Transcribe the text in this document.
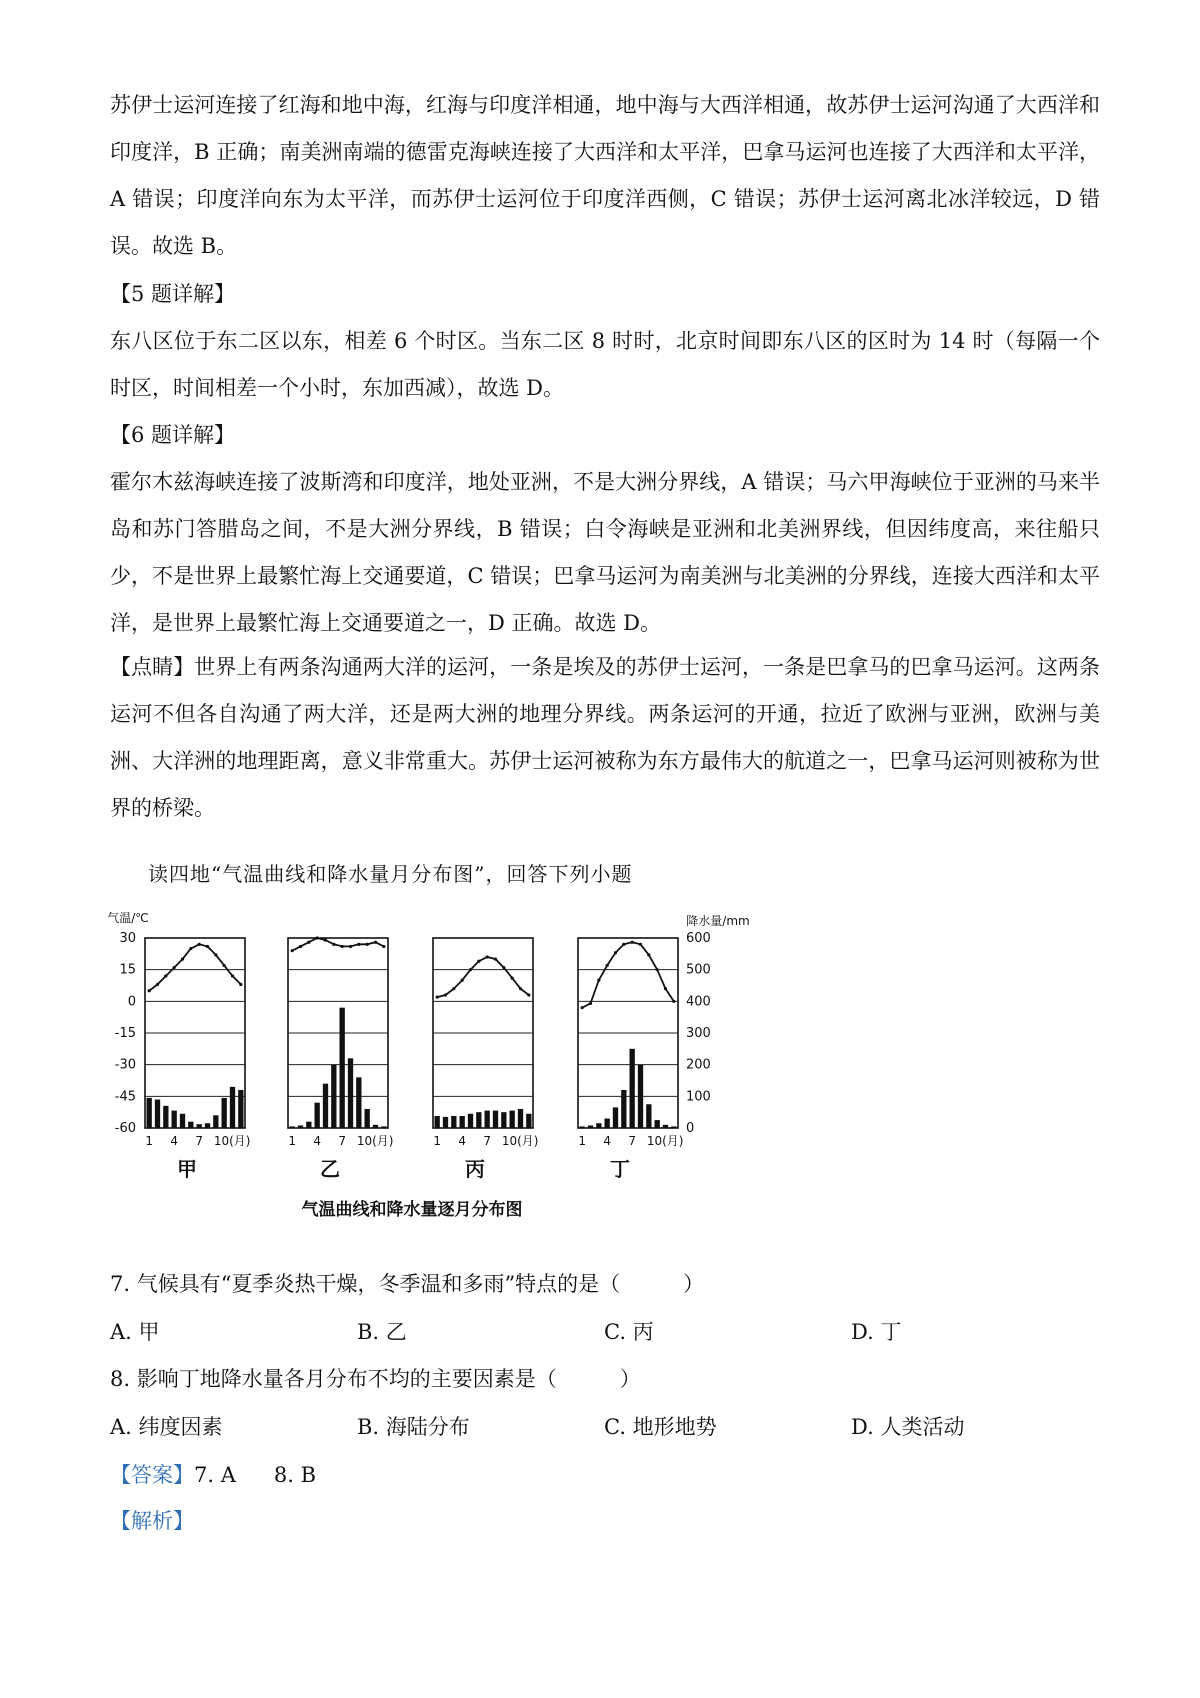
苏伊士运河连接了红海和地中海，红海与印度洋相通，地中海与大西洋相通，故苏伊士运河沟通了大西洋和印度洋，B 正确；南美洲南端的德雷克海峡连接了大西洋和太平洋，巴拿马运河也连接了大西洋和太平洋，A 错误；印度洋向东为太平洋，而苏伊士运河位于印度洋西侧，C 错误；苏伊士运河离北冰洋较远，D 错误。故选 B。

【5 题详解】

东八区位于东二区以东，相差 6 个时区。当东二区 8 时时，北京时间即东八区的区时为 14 时（每隔一个时区，时间相差一个小时，东加西减），故选 D。

【6 题详解】

霍尔木兹海峡连接了波斯湾和印度洋，地处亚洲，不是大洲分界线，A 错误；马六甲海峡位于亚洲的马来半岛和苏门答腊岛之间，不是大洲分界线，B 错误；白令海峡是亚洲和北美洲界线，但因纬度高，来往船只少，不是世界上最繁忙海上交通要道，C 错误；巴拿马运河为南美洲与北美洲的分界线，连接大西洋和太平洋，是世界上最繁忙海上交通要道之一，D 正确。故选 D。

【点睛】世界上有两条沟通两大洋的运河，一条是埃及的苏伊士运河，一条是巴拿马的巴拿马运河。这两条运河不但各自沟通了两大洋，还是两大洲的地理分界线。两条运河的开通，拉近了欧洲与亚洲，欧洲与美洲、大洋洲的地理距离，意义非常重大。苏伊士运河被称为东方最伟大的航道之一，巴拿马运河则被称为世界的桥梁。

读四地“气温曲线和降水量月分布图”，回答下列小题
气温/℃	降水量/mm
30
15
0
-15
-30
-45
-60
600
500
400
300
200
100
0
1 4 7 10(月)
甲
1 4 7 10(月)
乙
1 4 7 10(月)
丙
1 4 7 10(月)
丁
气温曲线和降水量逐月分布图
7. 气候具有“夏季炎热干燥，冬季温和多雨”特点的是（　　　）
A. 甲	B. 乙	C. 丙	D. 丁
8. 影响丁地降水量各月分布不均的主要因素是（　　　）
A. 纬度因素	B. 海陆分布	C. 地形地势	D. 人类活动
【答案】7. A 8. B
【解析】
